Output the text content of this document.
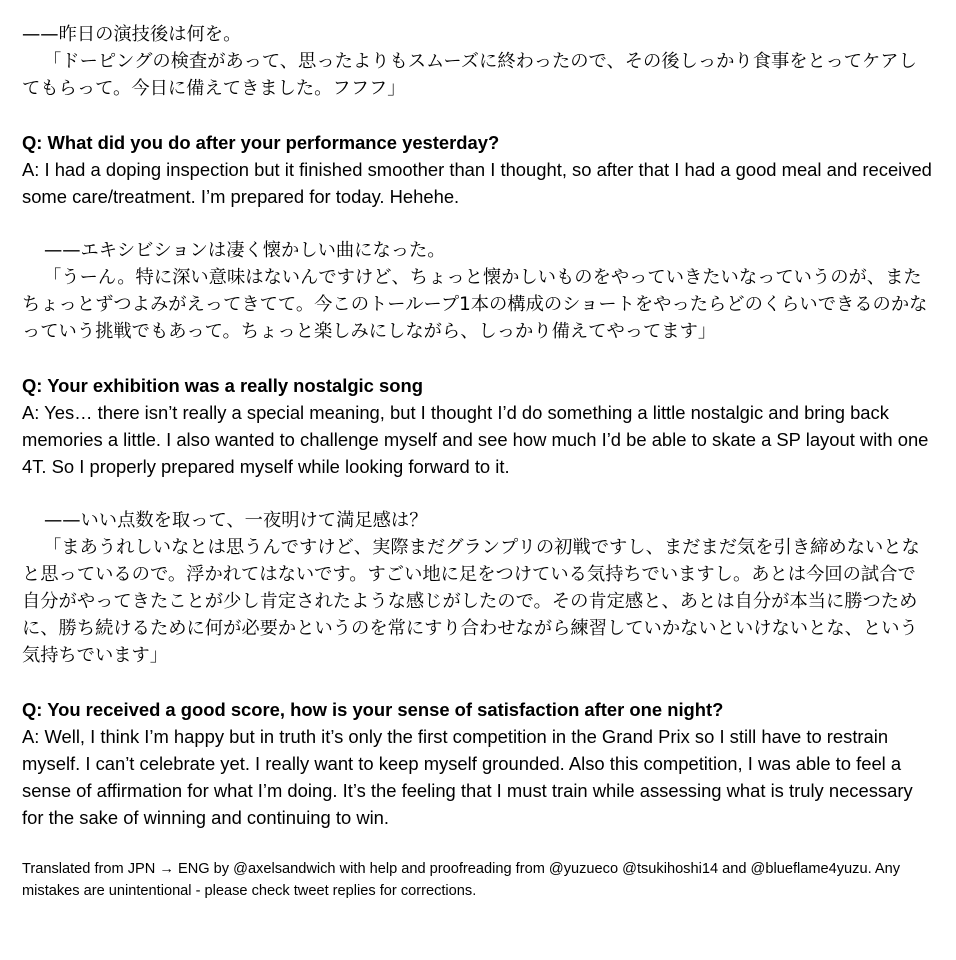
——昨日の演技後は何を。

「ドーピングの検査があって、思ったよりもスムーズに終わったので、その後しっかり食事をとってケアしてもらって。今日に備えてきました。フフフ」

Q: What did you do after your performance yesterday?

A: I had a doping inspection but it finished smoother than I thought, so after that I had a good meal and received some care/treatment. I’m prepared for today. Hehehe.

——エキシビションは凄く懐かしい曲になった。

「うーん。特に深い意味はないんですけど、ちょっと懐かしいものをやっていきたいなっていうのが、またちょっとずつよみがえってきてて。今このトーループ1本の構成のショートをやったらどのくらいできるのかなっていう挑戦でもあって。ちょっと楽しみにしながら、しっかり備えてやってます」

Q: Your exhibition was a really nostalgic song

A: Yes… there isn’t really a special meaning, but I thought I’d do something a little nostalgic and bring back memories a little. I also wanted to challenge myself and see how much I’d be able to skate a SP layout with one 4T. So I properly prepared myself while looking forward to it.

——いい点数を取って、一夜明けて満足感は？

「まあうれしいなとは思うんですけど、実際まだグランプリの初戦ですし、まだまだ気を引き締めないとなと思っているので。浮かれてはないです。すごい地に足をつけている気持ちでいますし。あとは今回の試合で自分がやってきたことが少し肯定されたような感じがしたので。その肯定感と、あとは自分が本当に勝つために、勝ち続けるために何が必要かというのを常にすり合わせながら練習していかないといけないとな、という気持ちでいます」

Q: You received a good score, how is your sense of satisfaction after one night?

A: Well, I think I’m happy but in truth it’s only the first competition in the Grand Prix so I still have to restrain myself. I can’t celebrate yet. I really want to keep myself grounded. Also this competition, I was able to feel a sense of affirmation for what I’m doing. It’s the feeling that I must train while assessing what is truly necessary for the sake of winning and continuing to win.

Translated from JPN → ENG by @axelsandwich with help and proofreading from @yuzueco @tsukihoshi14 and @blueflame4yuzu. Any mistakes are unintentional - please check tweet replies for corrections.
